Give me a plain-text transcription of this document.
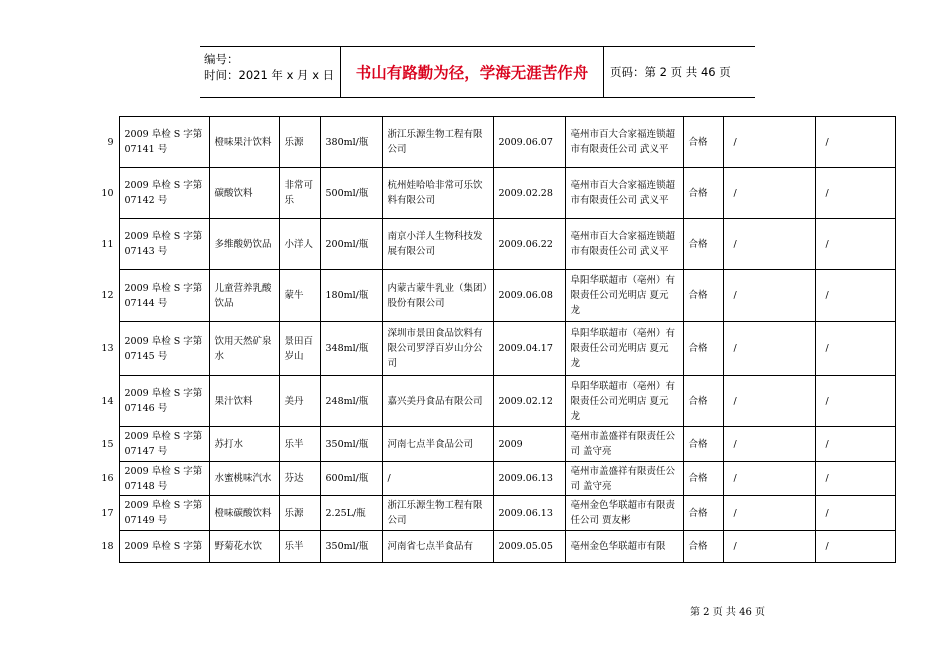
编号：
时间：2021 年 x 月 x 日 书山有路勤为径，学海无涯苦作舟 页码：第 2 页 共 46 页
9	2009 阜检 S 字第 07141 号	橙味果汁饮料	乐源	380ml/瓶	浙江乐源生物工程有限公司	2009.06.07	亳州市百大合家福连锁超市有限责任公司 武义平	合格	/	/
10	2009 阜检 S 字第 07142 号	碳酸饮料	非常可乐	500ml/瓶	杭州娃哈哈非常可乐饮料有限公司	2009.02.28	亳州市百大合家福连锁超市有限责任公司 武义平	合格	/	/
11	2009 阜检 S 字第 07143 号	多维酸奶饮品	小洋人	200ml/瓶	南京小洋人生物科技发展有限公司	2009.06.22	亳州市百大合家福连锁超市有限责任公司 武义平	合格	/	/
12	2009 阜检 S 字第 07144 号	儿童营养乳酸饮品	蒙牛	180ml/瓶	内蒙古蒙牛乳业（集团）股份有限公司	2009.06.08	阜阳华联超市（亳州）有限责任公司光明店 夏元龙	合格	/	/
13	2009 阜检 S 字第 07145 号	饮用天然矿泉水	景田百岁山	348ml/瓶	深圳市景田食品饮料有限公司罗浮百岁山分公司	2009.04.17	阜阳华联超市（亳州）有限责任公司光明店 夏元龙	合格	/	/
14	2009 阜检 S 字第 07146 号	果汁饮料	美丹	248ml/瓶	嘉兴美丹食品有限公司	2009.02.12	阜阳华联超市（亳州）有限责任公司光明店 夏元龙	合格	/	/
15	2009 阜检 S 字第 07147 号	苏打水	乐半	350ml/瓶	河南七点半食品公司	2009	亳州市盖盛祥有限责任公司 盖守亮	合格	/	/
16	2009 阜检 S 字第 07148 号	水蜜桃味汽水	芬达	600ml/瓶	/	2009.06.13	亳州市盖盛祥有限责任公司 盖守亮	合格	/	/
17	2009 阜检 S 字第 07149 号	橙味碳酸饮料	乐源	2.25L/瓶	浙江乐源生物工程有限公司	2009.06.13	亳州金色华联超市有限责任公司 贾友彬	合格	/	/
18	2009 阜检 S 字第	野菊花水饮	乐半	350ml/瓶	河南省七点半食品有	2009.05.05	亳州金色华联超市有限	合格	/	/
第 2 页 共 46 页
